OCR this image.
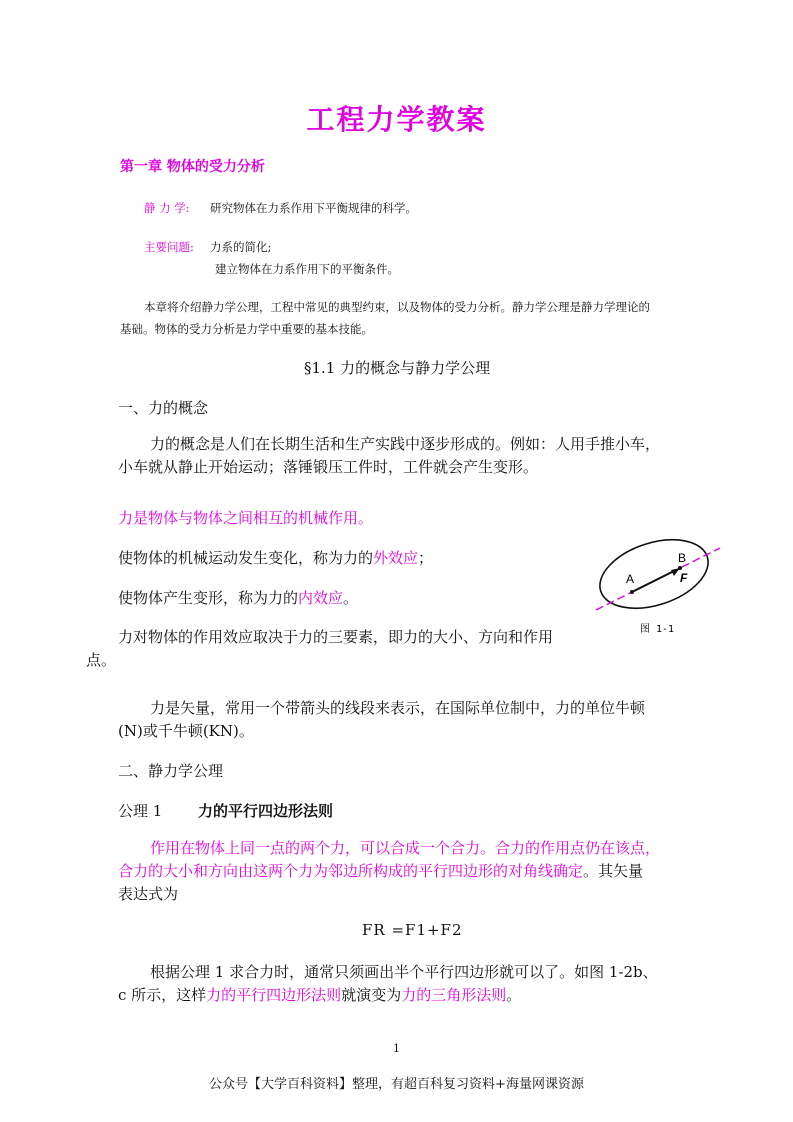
工程力学教案
第一章 物体的受力分析
静 力 学: 研究物体在力系作用下平衡规律的科学。
主要问题: 力系的简化;
建立物体在力系作用下的平衡条件。
本章将介绍静力学公理，工程中常见的典型约束，以及物体的受力分析。静力学公理是静力学理论的
基础。物体的受力分析是力学中重要的基本技能。
§1.1 力的概念与静力学公理
一、力的概念
力的概念是人们在长期生活和生产实践中逐步形成的。例如：人用手推小车，
小车就从静止开始运动；落锤锻压工件时，工件就会产生变形。
力是物体与物体之间相互的机械作用。
使物体的机械运动发生变化，称为力的外效应；
使物体产生变形，称为力的内效应。
力对物体的作用效应取决于力的三要素，即力的大小、方向和作用
点。
A
B
F
图 1-1
力是矢量，常用一个带箭头的线段来表示，在国际单位制中，力的单位牛顿
(N)或千牛顿(KN)。
二、静力学公理
公理 1 力的平行四边形法则
作用在物体上同一点的两个力，可以合成一个合力。合力的作用点仍在该点，
合力的大小和方向由这两个力为邻边所构成的平行四边形的对角线确定。其矢量
表达式为
FR =F1+F2
根据公理 1 求合力时，通常只须画出半个平行四边形就可以了。如图 1-2b、
c 所示，这样力的平行四边形法则就演变为力的三角形法则。
1
公众号【大学百科资料】整理，有超百科复习资料+海量网课资源
